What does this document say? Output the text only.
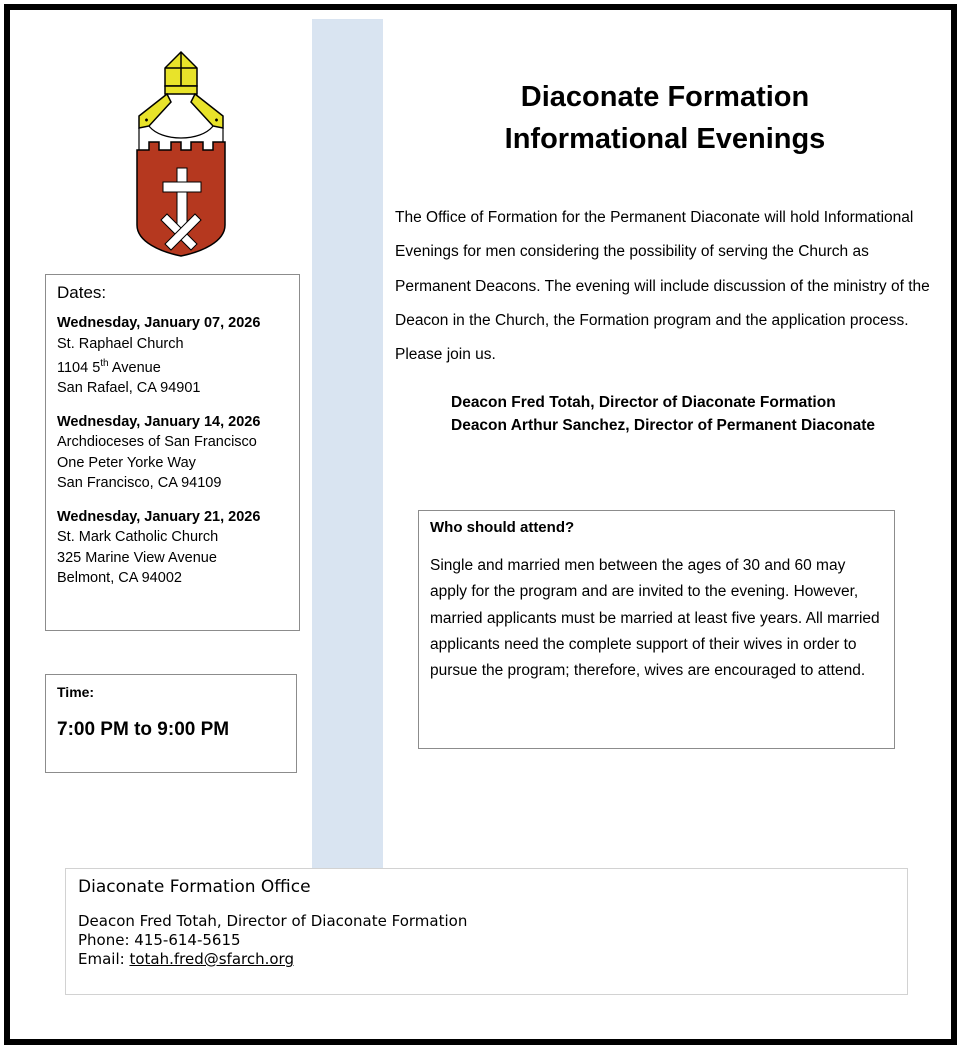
Diaconate Formation
Informational Evenings
The Office of Formation for the Permanent Diaconate will hold Informational Evenings for men considering the possibility of serving the Church as Permanent Deacons. The evening will include discussion of the ministry of the Deacon in the Church, the Formation program and the application process. Please join us.
Deacon Fred Totah, Director of Diaconate Formation
Deacon Arthur Sanchez, Director of Permanent Diaconate
Dates:
Wednesday, January 07, 2026
St. Raphael Church
1104 5th Avenue
San Rafael, CA 94901
Wednesday, January 14, 2026
Archdioceses of San Francisco
One Peter Yorke Way
San Francisco, CA 94109
Wednesday, January 21, 2026
St. Mark Catholic Church
325 Marine View Avenue
Belmont, CA 94002
Time:
7:00 PM to 9:00 PM
Who should attend?
Single and married men between the ages of 30 and 60 may apply for the program and are invited to the evening. However, married applicants must be married at least five years. All married applicants need the complete support of their wives in order to pursue the program; therefore, wives are encouraged to attend.
Diaconate Formation Office
Deacon Fred Totah, Director of Diaconate Formation
Phone: 415-614-5615
Email: totah.fred@sfarch.org
